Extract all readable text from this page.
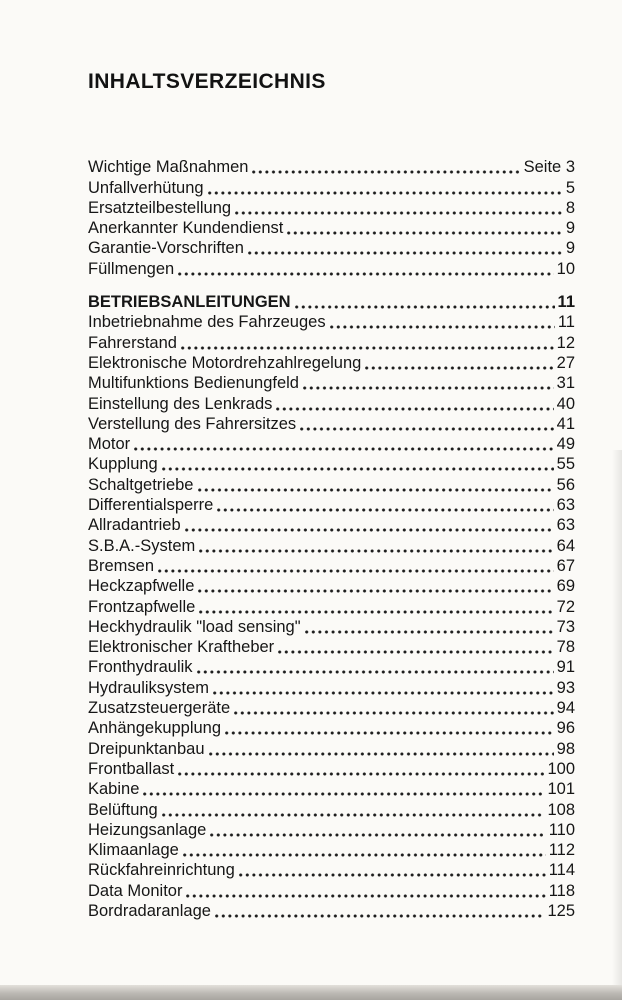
INHALTSVERZEICHNIS
Wichtige Maßnahmen	Seite 3
Unfallverhütung	5
Ersatzteilbestellung	8
Anerkannter Kundendienst	9
Garantie-Vorschriften	9
Füllmengen	10
BETRIEBSANLEITUNGEN	11
Inbetriebnahme des Fahrzeuges	11
Fahrerstand	12
Elektronische Motordrehzahlregelung	27
Multifunktions Bedienungfeld	31
Einstellung des Lenkrads	40
Verstellung des Fahrersitzes	41
Motor	49
Kupplung	55
Schaltgetriebe	56
Differentialsperre	63
Allradantrieb	63
S.B.A.-System	64
Bremsen	67
Heckzapfwelle	69
Frontzapfwelle	72
Heckhydraulik "load sensing"	73
Elektronischer Kraftheber	78
Fronthydraulik	91
Hydrauliksystem	93
Zusatzsteuergeräte	94
Anhängekupplung	96
Dreipunktanbau	98
Frontballast	100
Kabine	101
Belüftung	108
Heizungsanlage	110
Klimaanlage	112
Rückfahreinrichtung	114
Data Monitor	118
Bordradaranlage	125
